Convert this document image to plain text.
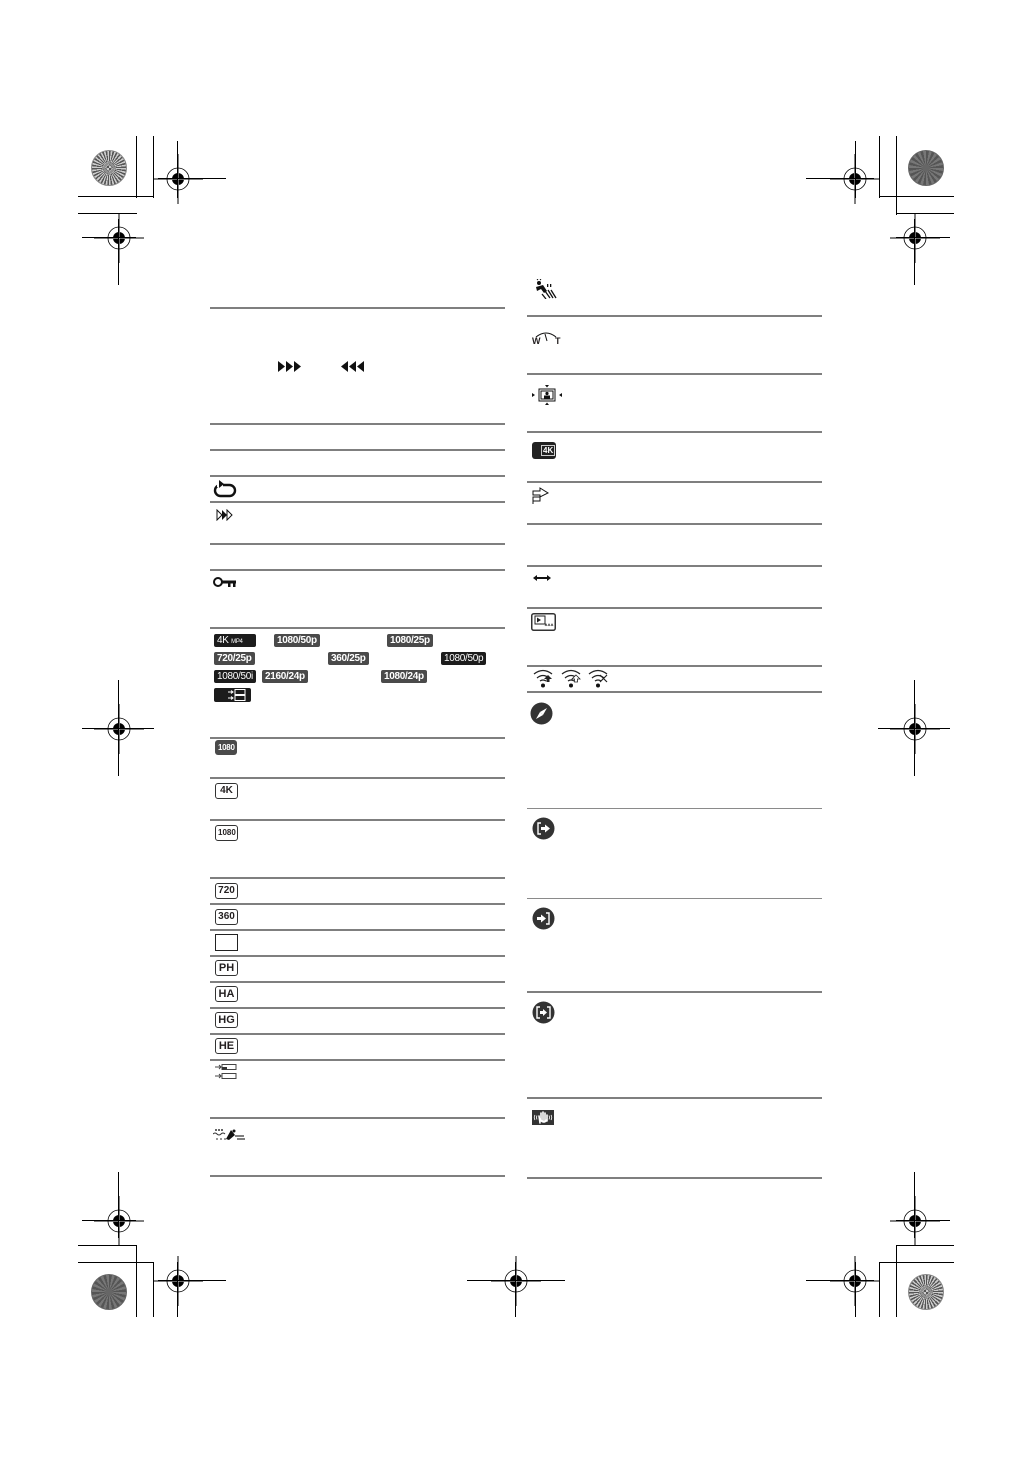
4K MP4	1080/50p	1080/25p
720/25p	360/25p	1080/50p
1080/50i	2160/24p	1080/24p
1080
4K
1080
720
360
PH
HA
HG
HE
W T
4K
